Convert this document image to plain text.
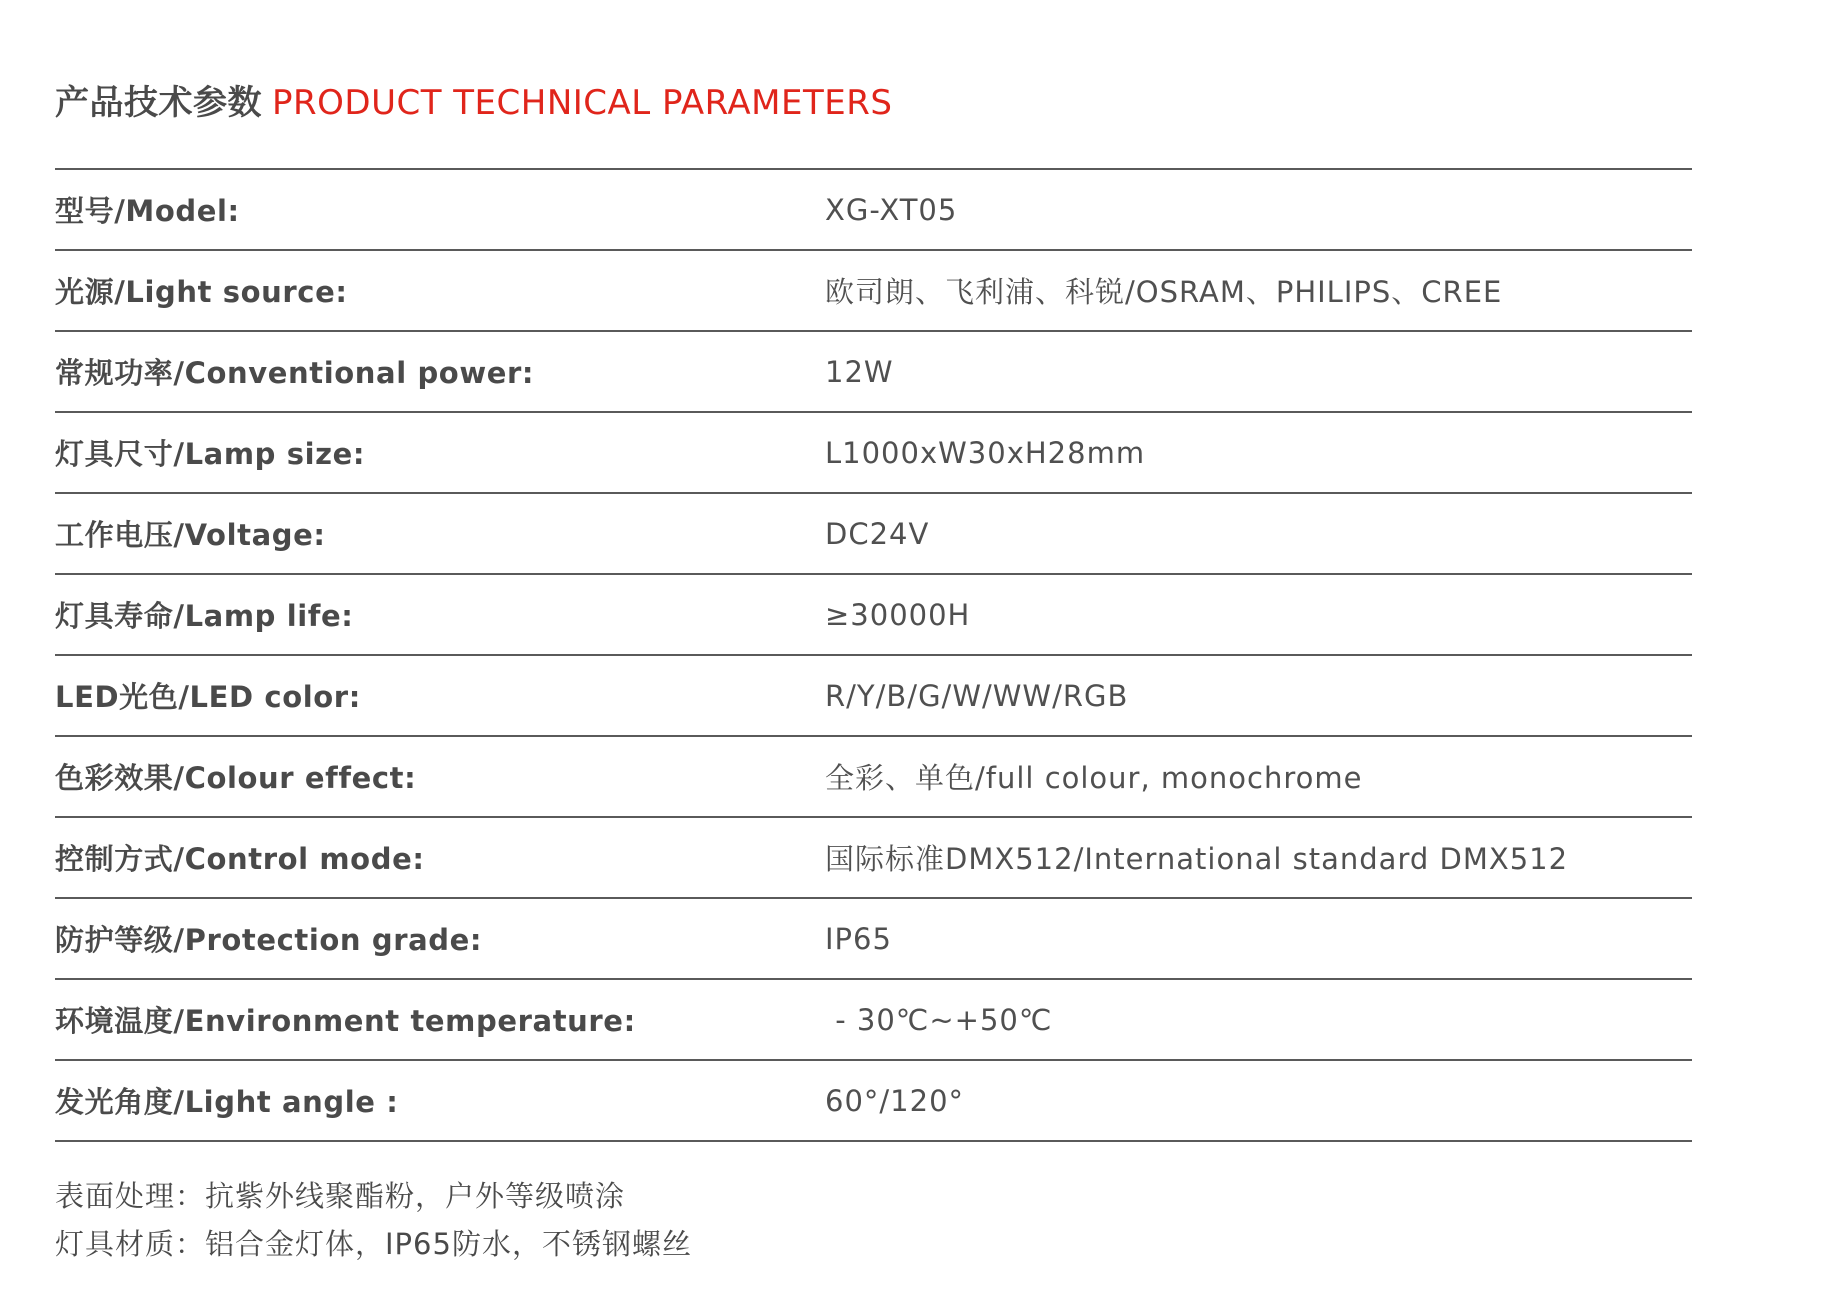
产品技术参数 PRODUCT TECHNICAL PARAMETERS
型号/Model:	XG-XT05
光源/Light source:	欧司朗、飞利浦、科锐/OSRAM、PHILIPS、CREE
常规功率/Conventional power:	12W
灯具尺寸/Lamp size:	L1000xW30xH28mm
工作电压/Voltage:	DC24V
灯具寿命/Lamp life:	≥30000H
LED光色/LED color:	R/Y/B/G/W/WW/RGB
色彩效果/Colour effect:	全彩、单色/full colour, monochrome
控制方式/Control mode:	国际标准DMX512/International standard DMX512
防护等级/Protection grade:	IP65
环境温度/Environment temperature:	- 30℃~+50℃
发光角度/Light angle :	60°/120°
表面处理：抗紫外线聚酯粉，户外等级喷涂
灯具材质：铝合金灯体，IP65防水，不锈钢螺丝
